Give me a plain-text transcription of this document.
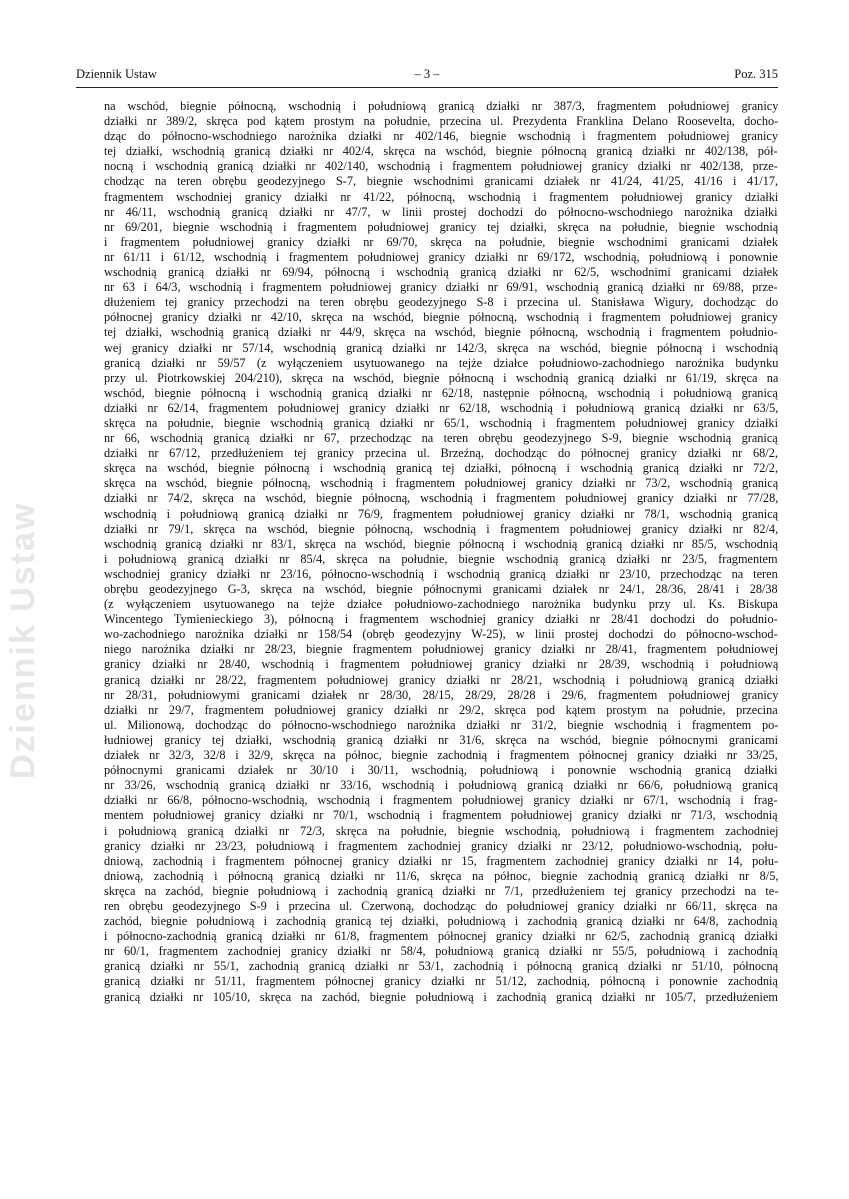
Dziennik Ustaw
Dziennik Ustaw	– 3 –	Poz. 315
na wschód, biegnie północną, wschodnią i południową granicą działki nr 387/3, fragmentem południowej granicy
działki nr 389/2, skręca pod kątem prostym na południe, przecina ul. Prezydenta Franklina Delano Roosevelta, docho-
dząc do północno-wschodniego narożnika działki nr 402/146, biegnie wschodnią i fragmentem południowej granicy
tej działki, wschodnią granicą działki nr 402/4, skręca na wschód, biegnie północną granicą działki nr 402/138, pół-
nocną i wschodnią granicą działki nr 402/140, wschodnią i fragmentem południowej granicy działki nr 402/138, prze-
chodząc na teren obrębu geodezyjnego S-7, biegnie wschodnimi granicami działek nr 41/24, 41/25, 41/16 i 41/17,
fragmentem wschodniej granicy działki nr 41/22, północną, wschodnią i fragmentem południowej granicy działki
nr 46/11, wschodnią granicą działki nr 47/7, w linii prostej dochodzi do północno-wschodniego narożnika działki
nr 69/201, biegnie wschodnią i fragmentem południowej granicy tej działki, skręca na południe, biegnie wschodnią
i fragmentem południowej granicy działki nr 69/70, skręca na południe, biegnie wschodnimi granicami działek
nr 61/11 i 61/12, wschodnią i fragmentem południowej granicy działki nr 69/172, wschodnią, południową i ponownie
wschodnią granicą działki nr 69/94, północną i wschodnią granicą działki nr 62/5, wschodnimi granicami działek
nr 63 i 64/3, wschodnią i fragmentem południowej granicy działki nr 69/91, wschodnią granicą działki nr 69/88, prze-
dłużeniem tej granicy przechodzi na teren obrębu geodezyjnego S-8 i przecina ul. Stanisława Wigury, dochodząc do
północnej granicy działki nr 42/10, skręca na wschód, biegnie północną, wschodnią i fragmentem południowej granicy
tej działki, wschodnią granicą działki nr 44/9, skręca na wschód, biegnie północną, wschodnią i fragmentem południo-
wej granicy działki nr 57/14, wschodnią granicą działki nr 142/3, skręca na wschód, biegnie północną i wschodnią
granicą działki nr 59/57 (z wyłączeniem usytuowanego na tejże działce południowo-zachodniego narożnika budynku
przy ul. Piotrkowskiej 204/210), skręca na wschód, biegnie północną i wschodnią granicą działki nr 61/19, skręca na
wschód, biegnie północną i wschodnią granicą działki nr 62/18, następnie północną, wschodnią i południową granicą
działki nr 62/14, fragmentem południowej granicy działki nr 62/18, wschodnią i południową granicą działki nr 63/5,
skręca na południe, biegnie wschodnią granicą działki nr 65/1, wschodnią i fragmentem południowej granicy działki
nr 66, wschodnią granicą działki nr 67, przechodząc na teren obrębu geodezyjnego S-9, biegnie wschodnią granicą
działki nr 67/12, przedłużeniem tej granicy przecina ul. Brzeźną, dochodząc do północnej granicy działki nr 68/2,
skręca na wschód, biegnie północną i wschodnią granicą tej działki, północną i wschodnią granicą działki nr 72/2,
skręca na wschód, biegnie północną, wschodnią i fragmentem południowej granicy działki nr 73/2, wschodnią granicą
działki nr 74/2, skręca na wschód, biegnie północną, wschodnią i fragmentem południowej granicy działki nr 77/28,
wschodnią i południową granicą działki nr 76/9, fragmentem południowej granicy działki nr 78/1, wschodnią granicą
działki nr 79/1, skręca na wschód, biegnie północną, wschodnią i fragmentem południowej granicy działki nr 82/4,
wschodnią granicą działki nr 83/1, skręca na wschód, biegnie północną i wschodnią granicą działki nr 85/5, wschodnią
i południową granicą działki nr 85/4, skręca na południe, biegnie wschodnią granicą działki nr 23/5, fragmentem
wschodniej granicy działki nr 23/16, północno-wschodnią i wschodnią granicą działki nr 23/10, przechodząc na teren
obrębu geodezyjnego G-3, skręca na wschód, biegnie północnymi granicami działek nr 24/1, 28/36, 28/41 i 28/38
(z wyłączeniem usytuowanego na tejże działce południowo-zachodniego narożnika budynku przy ul. Ks. Biskupa
Wincentego Tymienieckiego 3), północną i fragmentem wschodniej granicy działki nr 28/41 dochodzi do południo-
wo-zachodniego narożnika działki nr 158/54 (obręb geodezyjny W-25), w linii prostej dochodzi do północno-wschod-
niego narożnika działki nr 28/23, biegnie fragmentem południowej granicy działki nr 28/41, fragmentem południowej
granicy działki nr 28/40, wschodnią i fragmentem południowej granicy działki nr 28/39, wschodnią i południową
granicą działki nr 28/22, fragmentem południowej granicy działki nr 28/21, wschodnią i południową granicą działki
nr 28/31, południowymi granicami działek nr 28/30, 28/15, 28/29, 28/28 i 29/6, fragmentem południowej granicy
działki nr 29/7, fragmentem południowej granicy działki nr 29/2, skręca pod kątem prostym na południe, przecina
ul. Milionową, dochodząc do północno-wschodniego narożnika działki nr 31/2, biegnie wschodnią i fragmentem po-
łudniowej granicy tej działki, wschodnią granicą działki nr 31/6, skręca na wschód, biegnie północnymi granicami
działek nr 32/3, 32/8 i 32/9, skręca na północ, biegnie zachodnią i fragmentem północnej granicy działki nr 33/25,
północnymi granicami działek nr 30/10 i 30/11, wschodnią, południową i ponownie wschodnią granicą działki
nr 33/26, wschodnią granicą działki nr 33/16, wschodnią i południową granicą działki nr 66/6, południową granicą
działki nr 66/8, północno-wschodnią, wschodnią i fragmentem południowej granicy działki nr 67/1, wschodnią i frag-
mentem południowej granicy działki nr 70/1, wschodnią i fragmentem południowej granicy działki nr 71/3, wschodnią
i południową granicą działki nr 72/3, skręca na południe, biegnie wschodnią, południową i fragmentem zachodniej
granicy działki nr 23/23, południową i fragmentem zachodniej granicy działki nr 23/12, południowo-wschodnią, połu-
dniową, zachodnią i fragmentem północnej granicy działki nr 15, fragmentem zachodniej granicy działki nr 14, połu-
dniową, zachodnią i północną granicą działki nr 11/6, skręca na północ, biegnie zachodnią granicą działki nr 8/5,
skręca na zachód, biegnie południową i zachodnią granicą działki nr 7/1, przedłużeniem tej granicy przechodzi na te-
ren obrębu geodezyjnego S-9 i przecina ul. Czerwoną, dochodząc do południowej granicy działki nr 66/11, skręca na
zachód, biegnie południową i zachodnią granicą tej działki, południową i zachodnią granicą działki nr 64/8, zachodnią
i północno-zachodnią granicą działki nr 61/8, fragmentem północnej granicy działki nr 62/5, zachodnią granicą działki
nr 60/1, fragmentem zachodniej granicy działki nr 58/4, południową granicą działki nr 55/5, południową i zachodnią
granicą działki nr 55/1, zachodnią granicą działki nr 53/1, zachodnią i północną granicą działki nr 51/10, północną
granicą działki nr 51/11, fragmentem północnej granicy działki nr 51/12, zachodnią, północną i ponownie zachodnią
granicą działki nr 105/10, skręca na zachód, biegnie południową i zachodnią granicą działki nr 105/7, przedłużeniem
